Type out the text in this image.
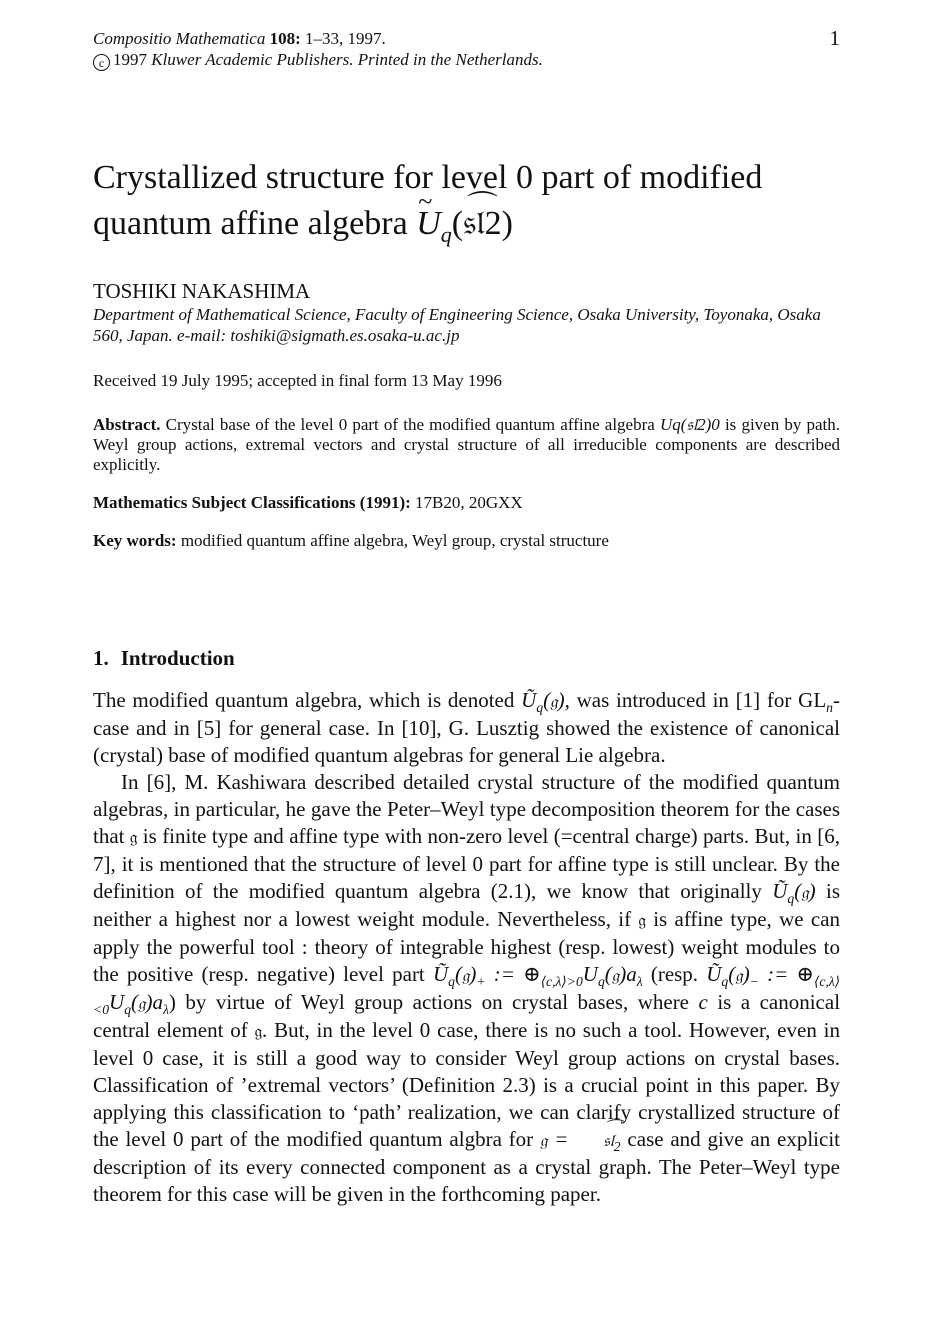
Compositio Mathematica 108: 1–33, 1997.	1
c 1997 Kluwer Academic Publishers. Printed in the Netherlands.
Crystallized structure for level 0 part of modified
quantum affine algebra ~ $U_q⌒$ (𝔰𝔩2)
TOSHIKI NAKASHIMA
Department of Mathematical Science, Faculty of Engineering Science, Osaka University, Toyonaka, Osaka 560, Japan. e-mail: toshiki@sigmath.es.osaka-u.ac.jp
Received 19 July 1995; accepted in final form 13 May 1996
Abstract. Crystal base of the level 0 part of the modified quantum affine algebra Uq(𝔰𝔩2)0 is given by path. Weyl group actions, extremal vectors and crystal structure of all irreducible components are described explicitly.
Mathematics Subject Classifications (1991): 17B20, 20GXX
Key words: modified quantum affine algebra, Weyl group, crystal structure
1. Introduction

The modified quantum algebra, which is denoted $Ũ_q(𝔤)$, was introduced in [1] for $GL_n$-case and in [5] for general case. In [10], G. Lusztig showed the existence of canonical (crystal) base of modified quantum algebras for general Lie algebra.

In [6], M. Kashiwara described detailed crystal structure of the modified quantum algebras, in particular, he gave the Peter–Weyl type decomposition theorem for the cases that 𝔤 is finite type and affine type with non-zero level (=central charge) parts. But, in [6, 7], it is mentioned that the structure of level 0 part for affine type is still unclear. By the definition of the modified quantum algebra (2.1), we know that originally $Ũ_q(𝔤)$ is neither a highest nor a lowest weight module. Nevertheless, if 𝔤 is affine type, we can apply the powerful tool : theory of integrable highest (resp. lowest) weight modules to the positive (resp. negative) level part $Ũ_q(𝔤)_+$ := $\oplus_{⟨c,\lambda⟩>0}U_q(𝔤)a_\lambda$ (resp. $Ũ_q(𝔤)_-$ := $\oplus_{⟨c,\lambda⟩<0}U_q(𝔤)a_\lambda$) by virtue of Weyl group actions on crystal bases, where c is a canonical central element of 𝔤. But, in the level 0 case, there is no such a tool. However, even in level 0 case, it is still a good way to consider Weyl group actions on crystal bases. Classification of ’extremal vectors’ (Definition 2.3) is a crucial point in this paper. By applying this classification to ‘path’ realization, we can clarify crystallized structure of the level 0 part of the modified quantum algbra for 𝔤 = ⌒ 𝔰𝔩$_2$ case and give an explicit description of its every connected component as a crystal graph. The Peter–Weyl type theorem for this case will be given in the forthcoming paper.
